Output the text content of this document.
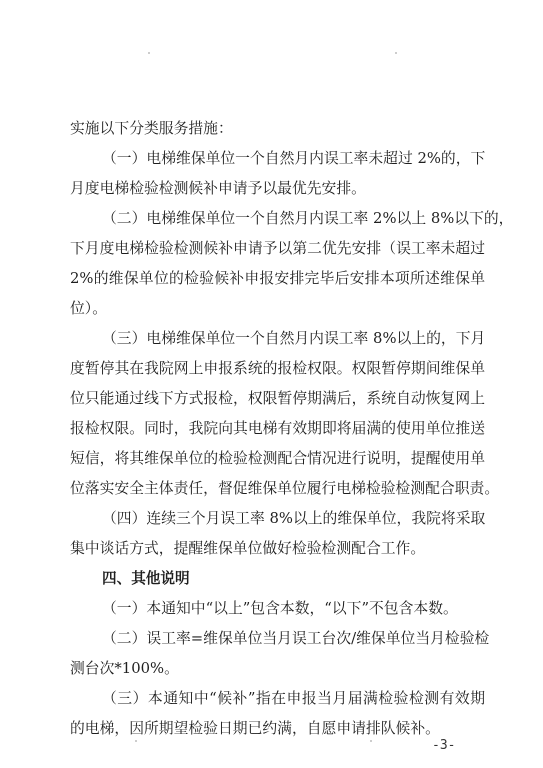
实施以下分类服务措施：
（一）电梯维保单位一个自然月内误工率未超过 2%的，下
月度电梯检验检测候补申请予以最优先安排。
（二）电梯维保单位一个自然月内误工率 2%以上 8%以下的，
下月度电梯检验检测候补申请予以第二优先安排（误工率未超过
2%的维保单位的检验候补申报安排完毕后安排本项所述维保单
位）。
（三）电梯维保单位一个自然月内误工率 8%以上的，下月
度暂停其在我院网上申报系统的报检权限。权限暂停期间维保单
位只能通过线下方式报检，权限暂停期满后，系统自动恢复网上
报检权限。同时，我院向其电梯有效期即将届满的使用单位推送
短信，将其维保单位的检验检测配合情况进行说明，提醒使用单
位落实安全主体责任，督促维保单位履行电梯检验检测配合职责。
（四）连续三个月误工率 8%以上的维保单位，我院将采取
集中谈话方式，提醒维保单位做好检验检测配合工作。
四、其他说明
（一）本通知中“以上”包含本数，“以下”不包含本数。
（二）误工率=维保单位当月误工台次/维保单位当月检验检
测台次*100%。
（三）本通知中“候补”指在申报当月届满检验检测有效期
的电梯，因所期望检验日期已约满，自愿申请排队候补。
-3-
